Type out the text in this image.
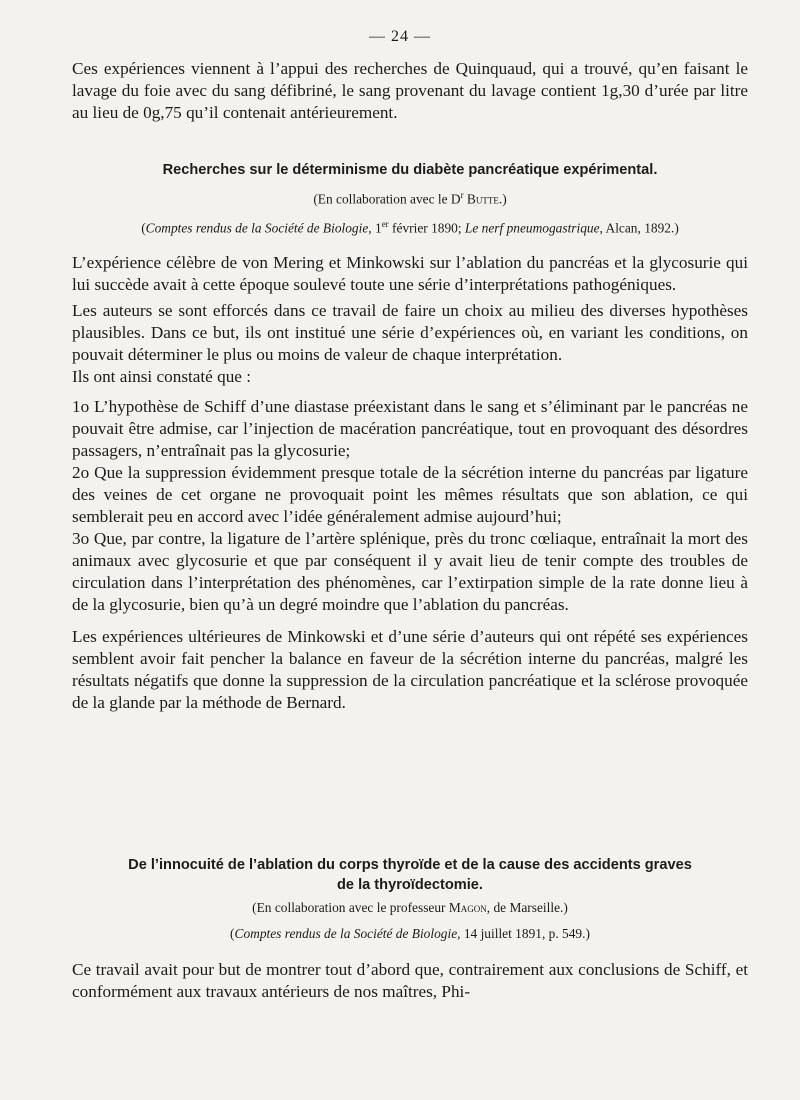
— 24 —

Ces expériences viennent à l’appui des recherches de Quinquaud, qui a trouvé, qu’en faisant le lavage du foie avec du sang défibriné, le sang provenant du lavage contient 1g,30 d’urée par litre au lieu de 0g,75 qu’il contenait antérieurement.

Recherches sur le déterminisme du diabète pancréatique expérimental.
(En collaboration avec le $D^r$ Butte.)
(Comptes rendus de la Société de Biologie, 1er février 1890; Le nerf pneumogastrique, Alcan, 1892.)

L’expérience célèbre de von Mering et Minkowski sur l’ablation du pancréas et la glycosurie qui lui succède avait à cette époque soulevé toute une série d’interprétations pathogéniques.

Les auteurs se sont efforcés dans ce travail de faire un choix au milieu des diverses hypothèses plausibles. Dans ce but, ils ont institué une série d’expériences où, en variant les conditions, on pouvait déterminer le plus ou moins de valeur de chaque interprétation.

Ils ont ainsi constaté que :

1o L’hypothèse de Schiff d’une diastase préexistant dans le sang et s’éliminant par le pancréas ne pouvait être admise, car l’injection de macération pancréatique, tout en provoquant des désordres passagers, n’entraînait pas la glycosurie;

2o Que la suppression évidemment presque totale de la sécrétion interne du pancréas par ligature des veines de cet organe ne provoquait point les mêmes résultats que son ablation, ce qui semblerait peu en accord avec l’idée généralement admise aujourd’hui;

3o Que, par contre, la ligature de l’artère splénique, près du tronc cœliaque, entraînait la mort des animaux avec glycosurie et que par conséquent il y avait lieu de tenir compte des troubles de circulation dans l’interprétation des phénomènes, car l’extirpation simple de la rate donne lieu à de la glycosurie, bien qu’à un degré moindre que l’ablation du pancréas.

Les expériences ultérieures de Minkowski et d’une série d’auteurs qui ont répété ses expériences semblent avoir fait pencher la balance en faveur de la sécrétion interne du pancréas, malgré les résultats négatifs que donne la suppression de la circulation pancréatique et la sclérose provoquée de la glande par la méthode de Bernard.

De l’innocuité de l’ablation du corps thyroïde et de la cause des accidents graves
de la thyroïdectomie.
(En collaboration avec le professeur Magon, de Marseille.)
(Comptes rendus de la Société de Biologie, 14 juillet 1891, p. 549.)

Ce travail avait pour but de montrer tout d’abord que, contrairement aux conclusions de Schiff, et conformément aux travaux antérieurs de nos maîtres, Phi-
